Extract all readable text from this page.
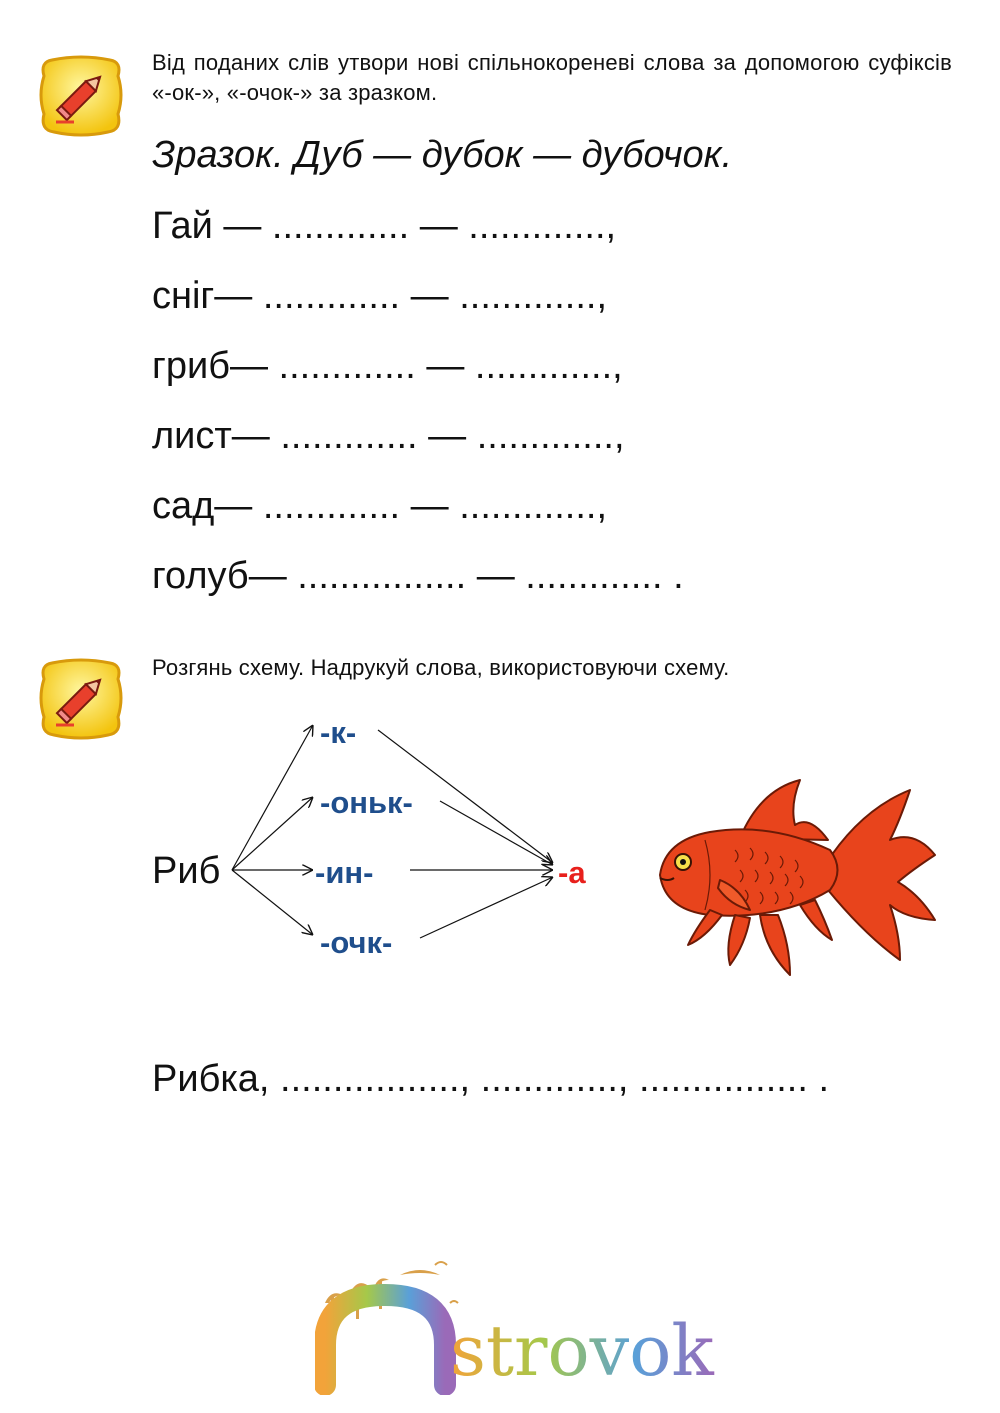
Від поданих слів утвори нові спільнокореневі слова за допомогою суфіксів «-ок-», «-очок-» за зразком.
Зразок. Дуб — дубок — дубочок.
Гай — ............. — .............,
сніг— ............. — .............,
гриб— ............. — .............,
лист— ............. — .............,
сад— ............. — .............,
голуб— ................ — ............. .
Розгянь схему. Надрукуй слова, використовуючи схему.
Риб
-к-
-оньк-
-ин-
-очк-
-а
Рибка, ................., ............., ................ .
strovok
